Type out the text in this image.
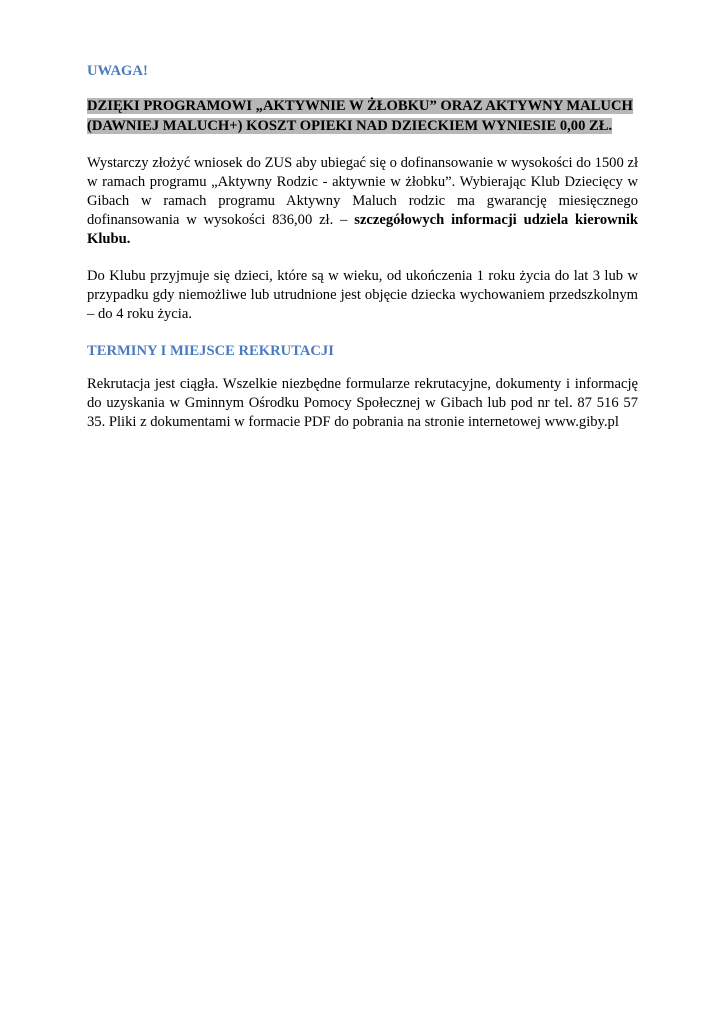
UWAGA!

DZIĘKI PROGRAMOWI „AKTYWNIE W ŻŁOBKU” ORAZ AKTYWNY MALUCH
(DAWNIEJ MALUCH+) KOSZT OPIEKI NAD DZIECKIEM WYNIESIE 0,00 ZŁ.

Wystarczy złożyć wniosek do ZUS aby ubiegać się o dofinansowanie w wysokości do 1500 zł w ramach programu „Aktywny Rodzic - aktywnie w żłobku”. Wybierając Klub Dziecięcy w Gibach w ramach programu Aktywny Maluch rodzic ma gwarancję miesięcznego dofinansowania w wysokości 836,00 zł. – szczegółowych informacji udziela kierownik Klubu.

Do Klubu przyjmuje się dzieci, które są w wieku, od ukończenia 1 roku życia do lat 3 lub w przypadku gdy niemożliwe lub utrudnione jest objęcie dziecka wychowaniem przedszkolnym – do 4 roku życia.

TERMINY I MIEJSCE REKRUTACJI

Rekrutacja jest ciągła. Wszelkie niezbędne formularze rekrutacyjne, dokumenty i informację do uzyskania w Gminnym Ośrodku Pomocy Społecznej w Gibach lub pod nr tel. 87 516 57 35. Pliki z dokumentami w formacie PDF do pobrania na stronie internetowej www.giby.pl
